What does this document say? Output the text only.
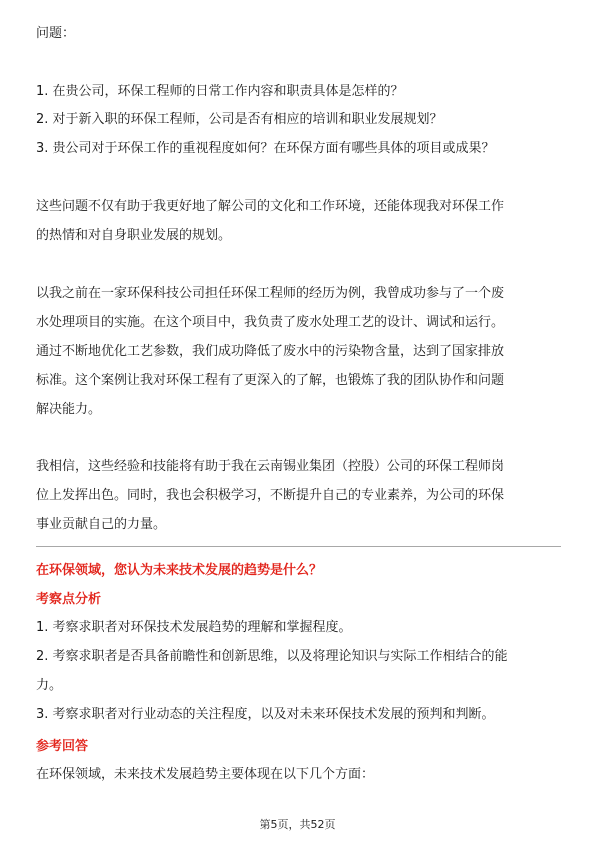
问题：
1. 在贵公司，环保工程师的日常工作内容和职责具体是怎样的？
2. 对于新入职的环保工程师，公司是否有相应的培训和职业发展规划？
3. 贵公司对于环保工作的重视程度如何？在环保方面有哪些具体的项目或成果？
这些问题不仅有助于我更好地了解公司的文化和工作环境，还能体现我对环保工作
的热情和对自身职业发展的规划。
以我之前在一家环保科技公司担任环保工程师的经历为例，我曾成功参与了一个废
水处理项目的实施。在这个项目中，我负责了废水处理工艺的设计、调试和运行。
通过不断地优化工艺参数，我们成功降低了废水中的污染物含量，达到了国家排放
标准。这个案例让我对环保工程有了更深入的了解，也锻炼了我的团队协作和问题
解决能力。
我相信，这些经验和技能将有助于我在云南锡业集团（控股）公司的环保工程师岗
位上发挥出色。同时，我也会积极学习，不断提升自己的专业素养，为公司的环保
事业贡献自己的力量。
在环保领域，您认为未来技术发展的趋势是什么？
考察点分析
1. 考察求职者对环保技术发展趋势的理解和掌握程度。
2. 考察求职者是否具备前瞻性和创新思维，以及将理论知识与实际工作相结合的能
力。
3. 考察求职者对行业动态的关注程度，以及对未来环保技术发展的预判和判断。
参考回答
在环保领域，未来技术发展趋势主要体现在以下几个方面：
第5页，共52页
